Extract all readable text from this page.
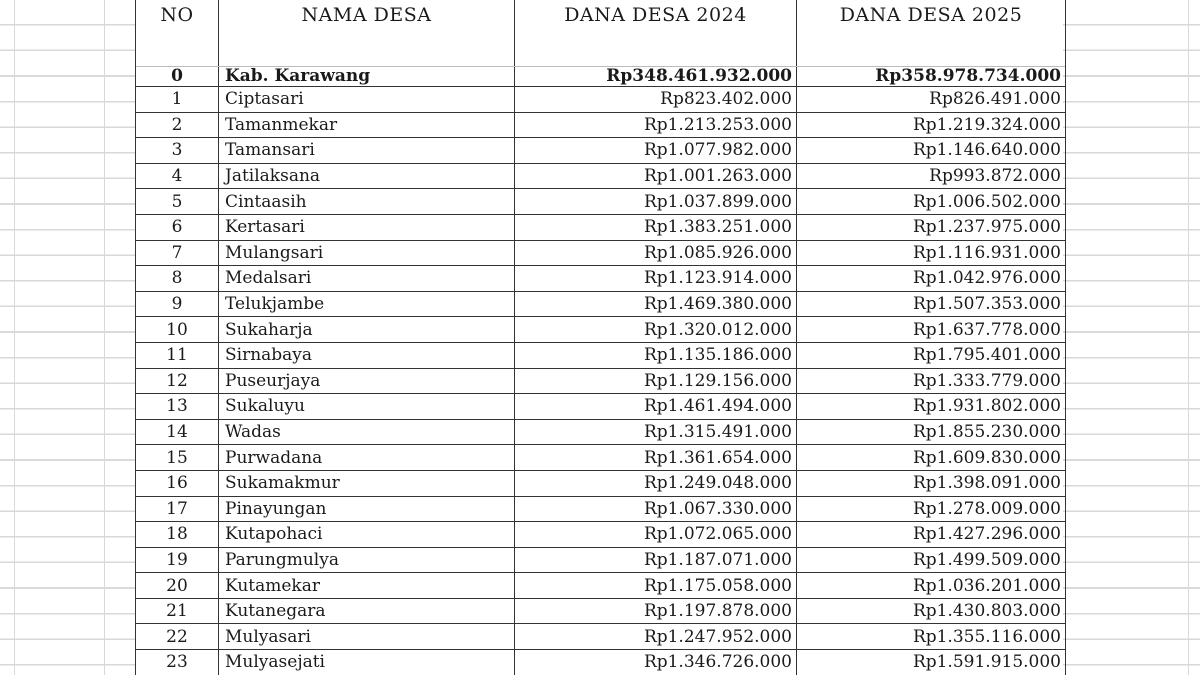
NO	NAMA DESA	DANA DESA 2024	DANA DESA 2025
0	Kab. Karawang	Rp348.461.932.000	Rp358.978.734.000
1	Ciptasari	Rp823.402.000	Rp826.491.000
2	Tamanmekar	Rp1.213.253.000	Rp1.219.324.000
3	Tamansari	Rp1.077.982.000	Rp1.146.640.000
4	Jatilaksana	Rp1.001.263.000	Rp993.872.000
5	Cintaasih	Rp1.037.899.000	Rp1.006.502.000
6	Kertasari	Rp1.383.251.000	Rp1.237.975.000
7	Mulangsari	Rp1.085.926.000	Rp1.116.931.000
8	Medalsari	Rp1.123.914.000	Rp1.042.976.000
9	Telukjambe	Rp1.469.380.000	Rp1.507.353.000
10	Sukaharja	Rp1.320.012.000	Rp1.637.778.000
11	Sirnabaya	Rp1.135.186.000	Rp1.795.401.000
12	Puseurjaya	Rp1.129.156.000	Rp1.333.779.000
13	Sukaluyu	Rp1.461.494.000	Rp1.931.802.000
14	Wadas	Rp1.315.491.000	Rp1.855.230.000
15	Purwadana	Rp1.361.654.000	Rp1.609.830.000
16	Sukamakmur	Rp1.249.048.000	Rp1.398.091.000
17	Pinayungan	Rp1.067.330.000	Rp1.278.009.000
18	Kutapohaci	Rp1.072.065.000	Rp1.427.296.000
19	Parungmulya	Rp1.187.071.000	Rp1.499.509.000
20	Kutamekar	Rp1.175.058.000	Rp1.036.201.000
21	Kutanegara	Rp1.197.878.000	Rp1.430.803.000
22	Mulyasari	Rp1.247.952.000	Rp1.355.116.000
23	Mulyasejati	Rp1.346.726.000	Rp1.591.915.000
